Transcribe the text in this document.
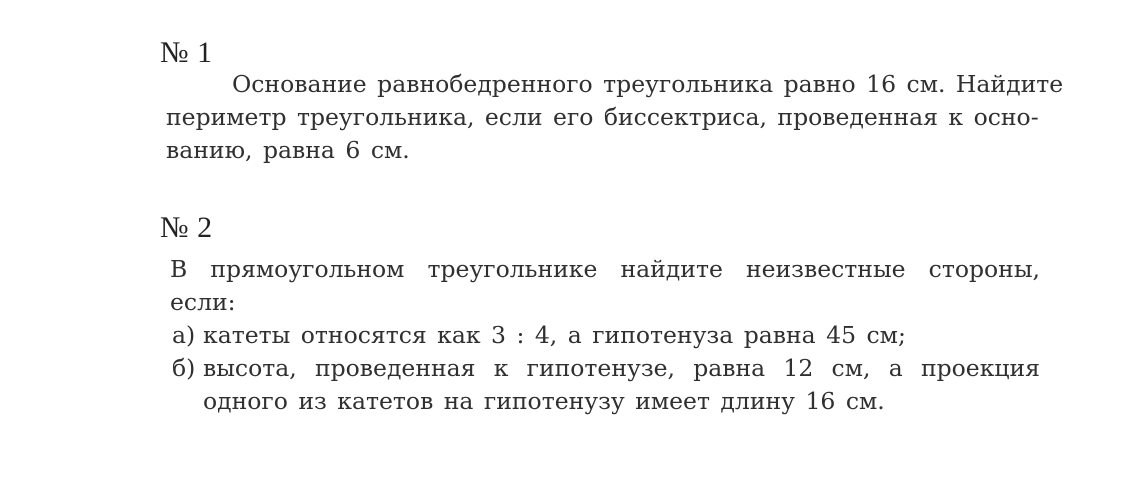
№ 1
Основание равнобедренного треугольника равно 16 см. Найдите
периметр треугольника, если его биссектриса, проведенная к осно-
ванию, равна 6 см.
№ 2
В прямоугольном треугольнике найдите неизвестные стороны,
если:
а) катеты относятся как 3 : 4, а гипотенуза равна 45 см;
б) высота, проведенная к гипотенузе, равна 12 см, а проекция
одного из катетов на гипотенузу имеет длину 16 см.
